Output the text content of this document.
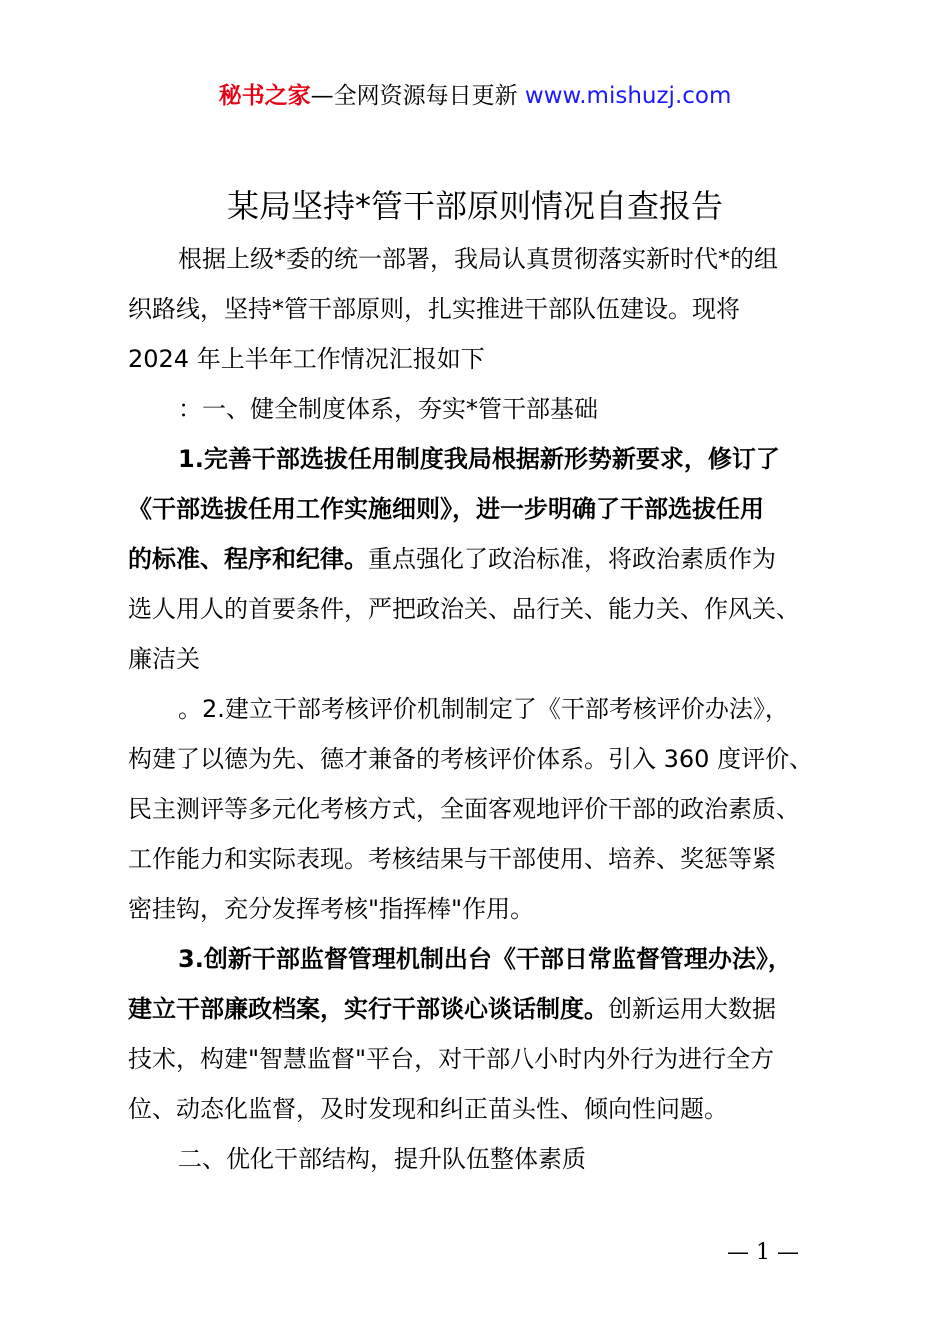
秘书之家—全网资源每日更新 www.mishuzj.com
某局坚持*管干部原则情况自查报告
根据上级*委的统一部署，我局认真贯彻落实新时代*的组
织路线，坚持*管干部原则，扎实推进干部队伍建设。现将
2024 年上半年工作情况汇报如下
：一、健全制度体系，夯实*管干部基础
1.完善干部选拔任用制度我局根据新形势新要求，修订了
《干部选拔任用工作实施细则》，进一步明确了干部选拔任用
的标准、程序和纪律。重点强化了政治标准，将政治素质作为
选人用人的首要条件，严把政治关、品行关、能力关、作风关、
廉洁关
。2.建立干部考核评价机制制定了《干部考核评价办法》，
构建了以德为先、德才兼备的考核评价体系。引入 360 度评价、
民主测评等多元化考核方式，全面客观地评价干部的政治素质、
工作能力和实际表现。考核结果与干部使用、培养、奖惩等紧
密挂钩，充分发挥考核"指挥棒"作用。
3.创新干部监督管理机制出台《干部日常监督管理办法》，
建立干部廉政档案，实行干部谈心谈话制度。创新运用大数据
技术，构建"智慧监督"平台，对干部八小时内外行为进行全方
位、动态化监督，及时发现和纠正苗头性、倾向性问题。
二、优化干部结构，提升队伍整体素质
— 1 —
